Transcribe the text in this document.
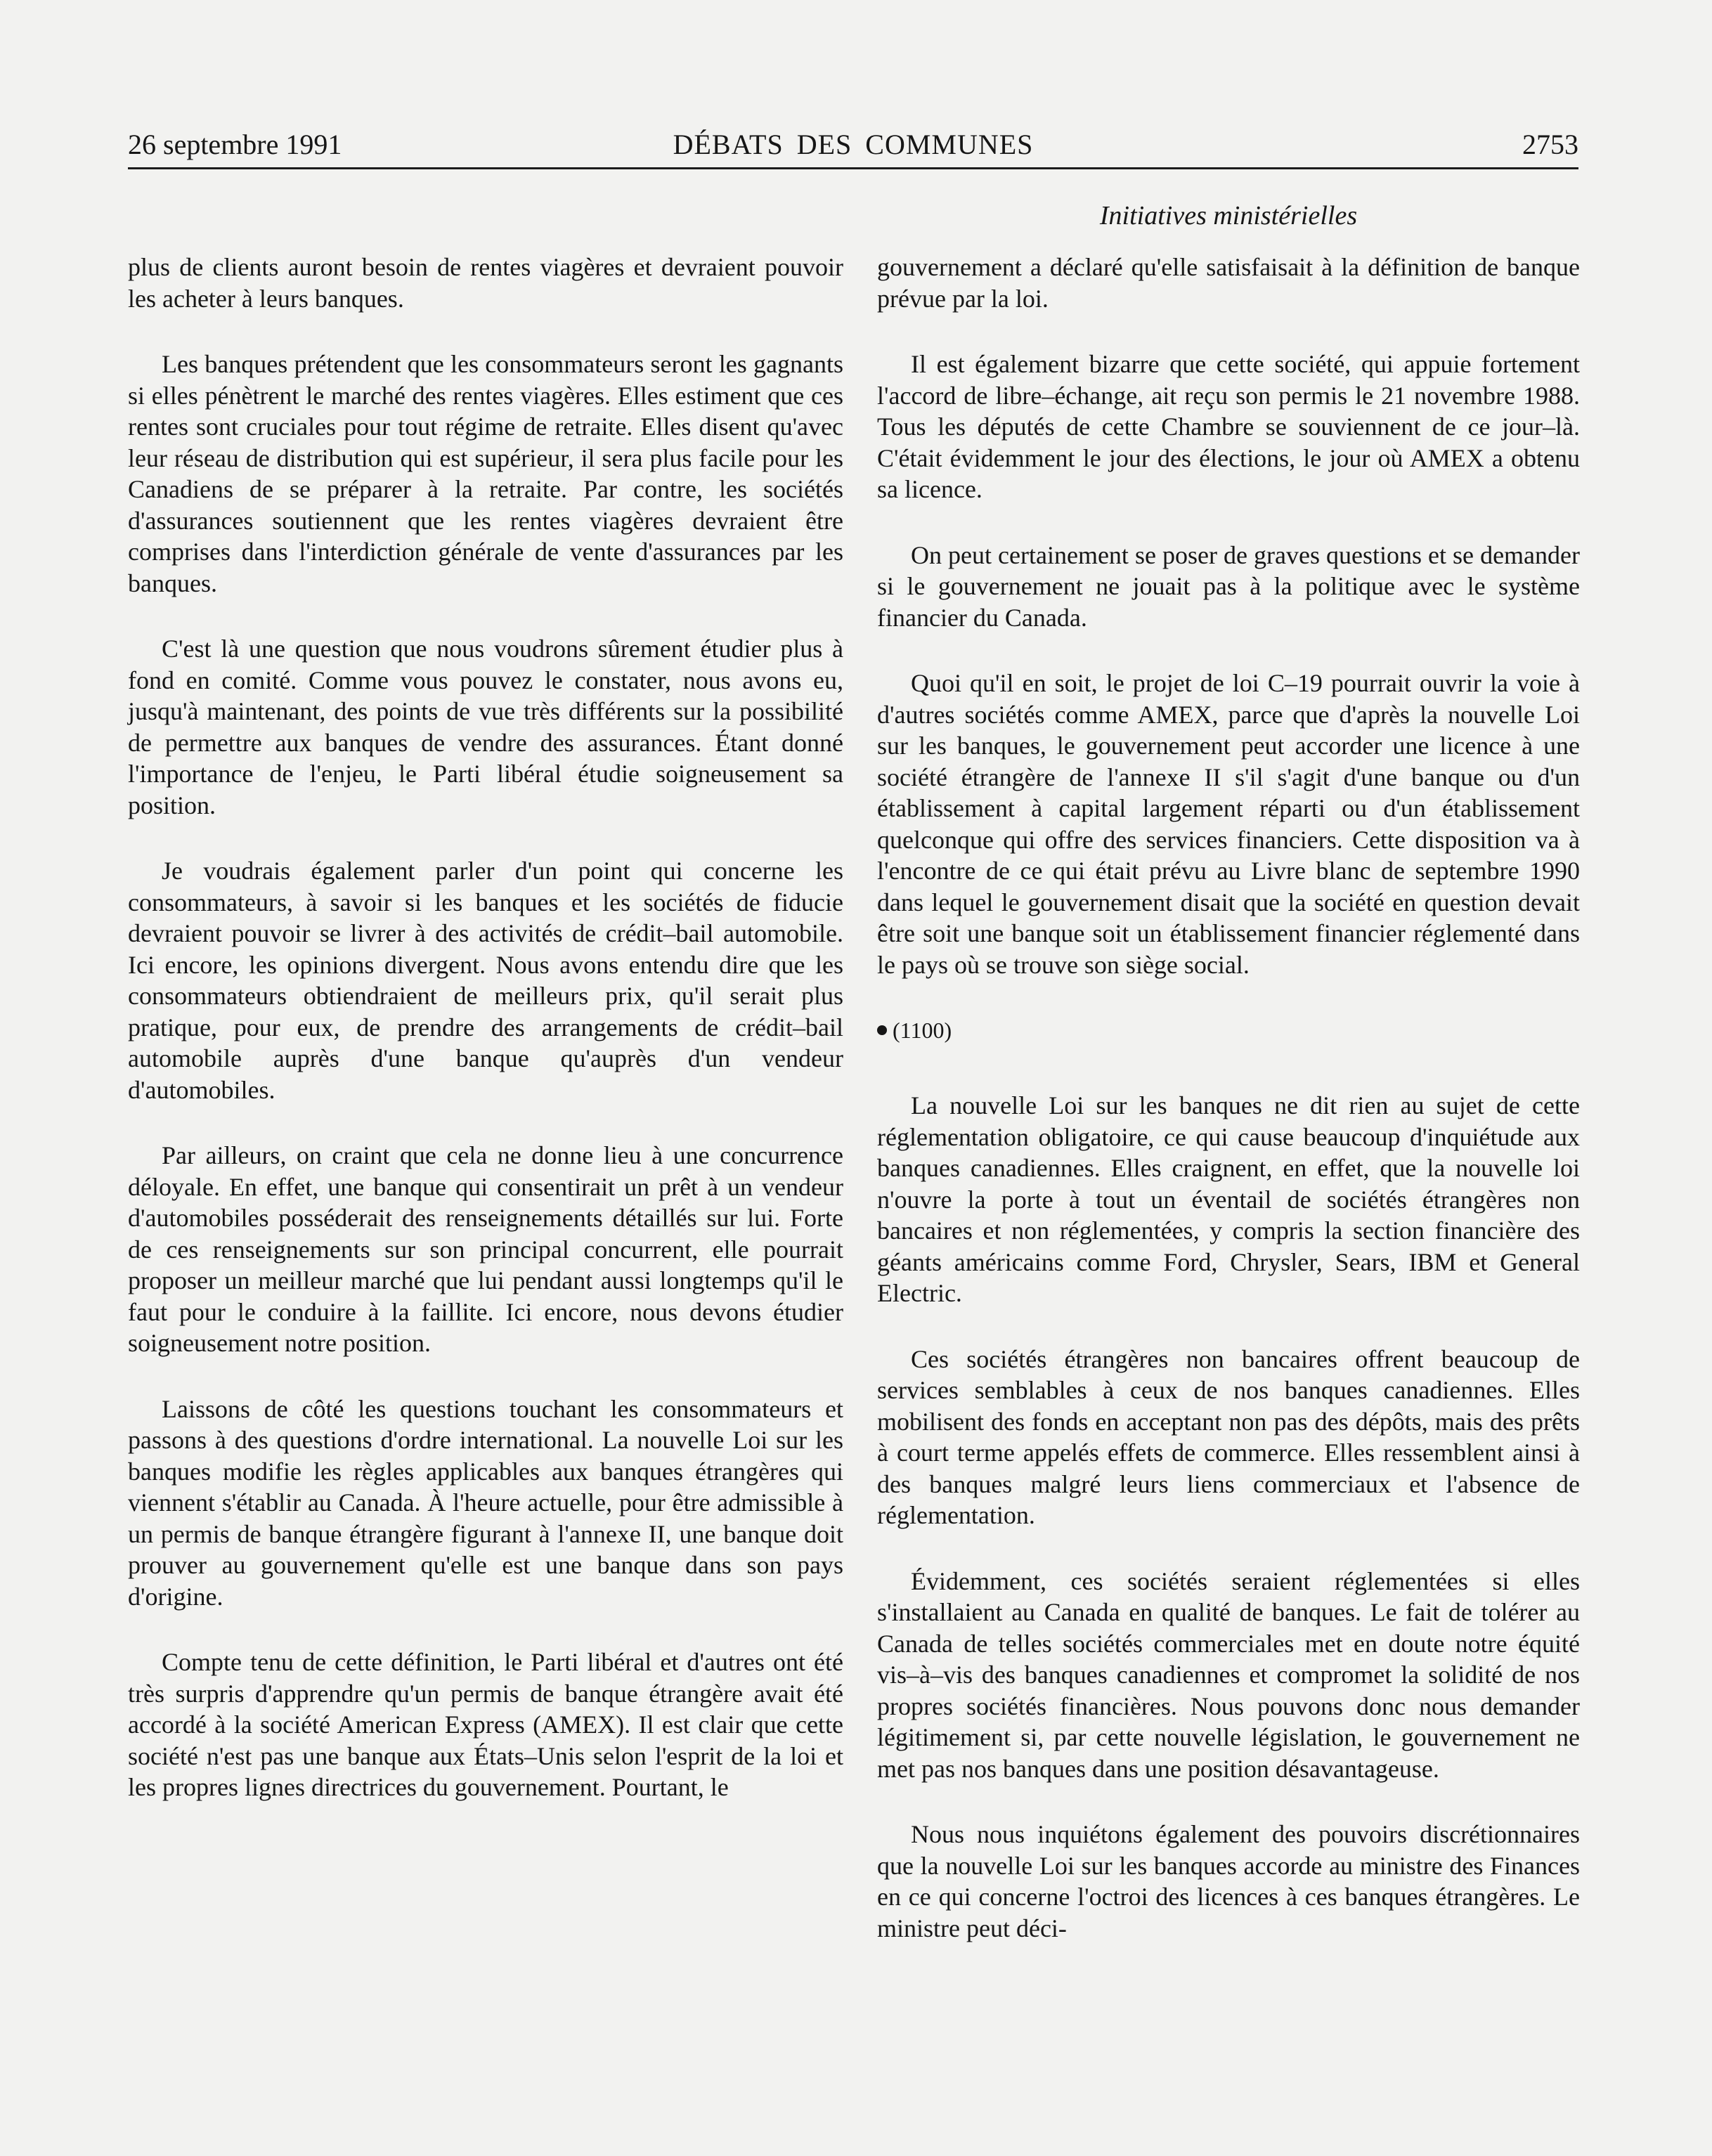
26 septembre 1991	DÉBATS DES COMMUNES	2753
Initiatives ministérielles

plus de clients auront besoin de rentes viagères et devraient pouvoir les acheter à leurs banques.

Les banques prétendent que les consommateurs seront les gagnants si elles pénètrent le marché des rentes viagères. Elles estiment que ces rentes sont cruciales pour tout régime de retraite. Elles disent qu'avec leur réseau de distribution qui est supérieur, il sera plus facile pour les Canadiens de se préparer à la retraite. Par contre, les sociétés d'assurances soutiennent que les rentes viagères devraient être comprises dans l'interdiction générale de vente d'assurances par les banques.

C'est là une question que nous voudrons sûrement étudier plus à fond en comité. Comme vous pouvez le constater, nous avons eu, jusqu'à maintenant, des points de vue très différents sur la possibilité de permettre aux banques de vendre des assurances. Étant donné l'importance de l'enjeu, le Parti libéral étudie soigneusement sa position.

Je voudrais également parler d'un point qui concerne les consommateurs, à savoir si les banques et les sociétés de fiducie devraient pouvoir se livrer à des activités de crédit–bail automobile. Ici encore, les opinions divergent. Nous avons entendu dire que les consommateurs obtiendraient de meilleurs prix, qu'il serait plus pratique, pour eux, de prendre des arrangements de crédit–bail automobile auprès d'une banque qu'auprès d'un vendeur d'automobiles.

Par ailleurs, on craint que cela ne donne lieu à une concurrence déloyale. En effet, une banque qui consentirait un prêt à un vendeur d'automobiles posséderait des renseignements détaillés sur lui. Forte de ces renseignements sur son principal concurrent, elle pourrait proposer un meilleur marché que lui pendant aussi longtemps qu'il le faut pour le conduire à la faillite. Ici encore, nous devons étudier soigneusement notre position.

Laissons de côté les questions touchant les consommateurs et passons à des questions d'ordre international. La nouvelle Loi sur les banques modifie les règles applicables aux banques étrangères qui viennent s'établir au Canada. À l'heure actuelle, pour être admissible à un permis de banque étrangère figurant à l'annexe II, une banque doit prouver au gouvernement qu'elle est une banque dans son pays d'origine.

Compte tenu de cette définition, le Parti libéral et d'autres ont été très surpris d'apprendre qu'un permis de banque étrangère avait été accordé à la société American Express (AMEX). Il est clair que cette société n'est pas une banque aux États–Unis selon l'esprit de la loi et les propres lignes directrices du gouvernement. Pourtant, le

gouvernement a déclaré qu'elle satisfaisait à la définition de banque prévue par la loi.

Il est également bizarre que cette société, qui appuie fortement l'accord de libre–échange, ait reçu son permis le 21 novembre 1988. Tous les députés de cette Chambre se souviennent de ce jour–là. C'était évidemment le jour des élections, le jour où AMEX a obtenu sa licence.

On peut certainement se poser de graves questions et se demander si le gouvernement ne jouait pas à la politique avec le système financier du Canada.

Quoi qu'il en soit, le projet de loi C–19 pourrait ouvrir la voie à d'autres sociétés comme AMEX, parce que d'après la nouvelle Loi sur les banques, le gouvernement peut accorder une licence à une société étrangère de l'annexe II s'il s'agit d'une banque ou d'un établissement à capital largement réparti ou d'un établissement quelconque qui offre des services financiers. Cette disposition va à l'encontre de ce qui était prévu au Livre blanc de septembre 1990 dans lequel le gouvernement disait que la société en question devait être soit une banque soit un établissement financier réglementé dans le pays où se trouve son siège social.

(1100)

La nouvelle Loi sur les banques ne dit rien au sujet de cette réglementation obligatoire, ce qui cause beaucoup d'inquiétude aux banques canadiennes. Elles craignent, en effet, que la nouvelle loi n'ouvre la porte à tout un éventail de sociétés étrangères non bancaires et non réglementées, y compris la section financière des géants américains comme Ford, Chrysler, Sears, IBM et General Electric.

Ces sociétés étrangères non bancaires offrent beaucoup de services semblables à ceux de nos banques canadiennes. Elles mobilisent des fonds en acceptant non pas des dépôts, mais des prêts à court terme appelés effets de commerce. Elles ressemblent ainsi à des banques malgré leurs liens commerciaux et l'absence de réglementation.

Évidemment, ces sociétés seraient réglementées si elles s'installaient au Canada en qualité de banques. Le fait de tolérer au Canada de telles sociétés commerciales met en doute notre équité vis–à–vis des banques canadiennes et compromet la solidité de nos propres sociétés financières. Nous pouvons donc nous demander légitimement si, par cette nouvelle législation, le gouvernement ne met pas nos banques dans une position désavantageuse.

Nous nous inquiétons également des pouvoirs discrétionnaires que la nouvelle Loi sur les banques accorde au ministre des Finances en ce qui concerne l'octroi des licences à ces banques étrangères. Le ministre peut déci-
